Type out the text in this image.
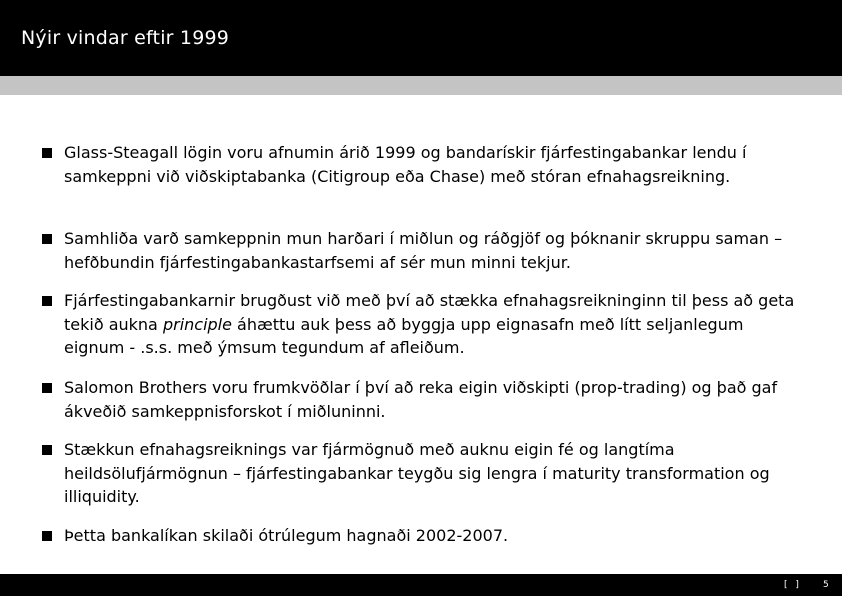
Nýir vindar eftir 1999

Glass-Steagall lögin voru afnumin árið 1999 og bandarískir fjárfestingabankar lendu í samkeppni við viðskiptabanka (Citigroup eða Chase) með stóran efnahagsreikning.

Samhliða varð samkeppnin mun harðari í miðlun og ráðgjöf og þóknanir skruppu saman – hefðbundin fjárfestingabankastarfsemi af sér mun minni tekjur.

Fjárfestingabankarnir brugðust við með því að stækka efnahagsreikninginn til þess að geta tekið aukna principle áhættu auk þess að byggja upp eignasafn með lítt seljanlegum eignum - .s.s. með ýmsum tegundum af afleiðum.

Salomon Brothers voru frumkvöðlar í því að reka eigin viðskipti (prop-trading) og það gaf ákveðið samkeppnisforskot í miðluninni.

Stækkun efnahagsreiknings var fjármögnuð með auknu eigin fé og langtíma heildsölufjármögnun – fjárfestingabankar teygðu sig lengra í maturity transformation og illiquidity.

Þetta bankalíkan skilaði ótrúlegum hagnaði 2002-2007.

[ ]	5
